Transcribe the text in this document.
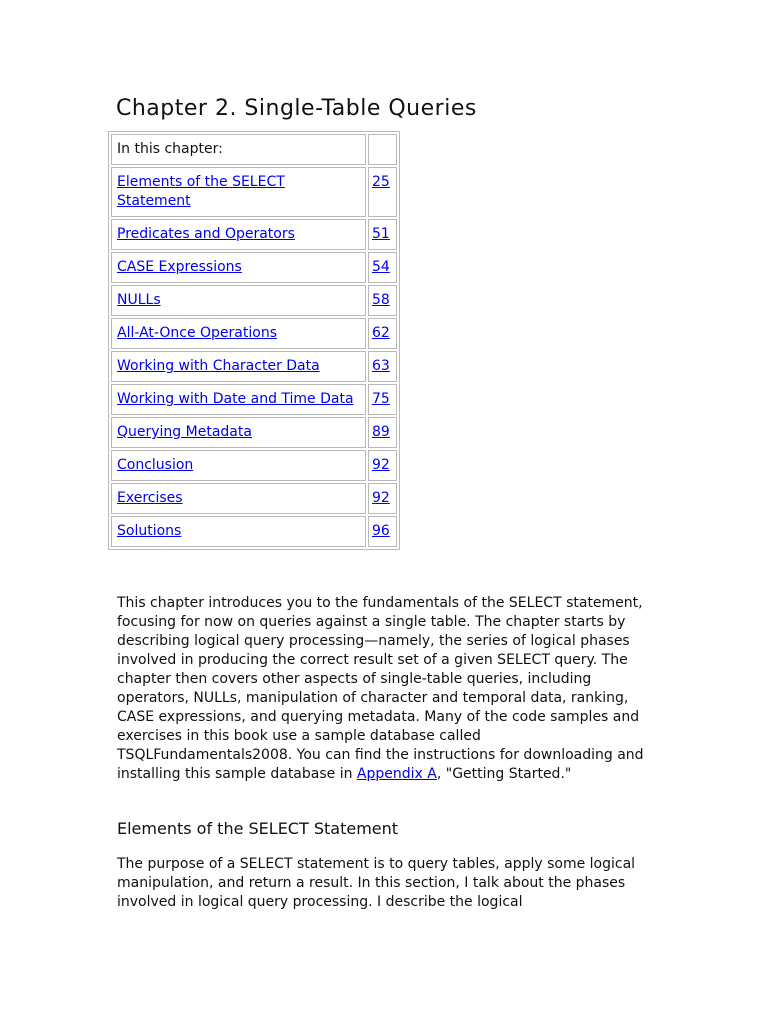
Chapter 2. Single-Table Queries
In this chapter:	
Elements of the SELECT Statement	25
Predicates and Operators	51
CASE Expressions	54
NULLs	58
All-At-Once Operations	62
Working with Character Data	63
Working with Date and Time Data	75
Querying Metadata	89
Conclusion	92
Exercises	92
Solutions	96

This chapter introduces you to the fundamentals of the SELECT statement, focusing for now on queries against a single table. The chapter starts by describing logical query processing—namely, the series of logical phases involved in producing the correct result set of a given SELECT query. The chapter then covers other aspects of single-table queries, including operators, NULLs, manipulation of character and temporal data, ranking, CASE expressions, and querying metadata. Many of the code samples and exercises in this book use a sample database called TSQLFundamentals2008. You can find the instructions for downloading and installing this sample database in Appendix A, "Getting Started."

Elements of the SELECT Statement

The purpose of a SELECT statement is to query tables, apply some logical manipulation, and return a result. In this section, I talk about the phases involved in logical query processing. I describe the logical
